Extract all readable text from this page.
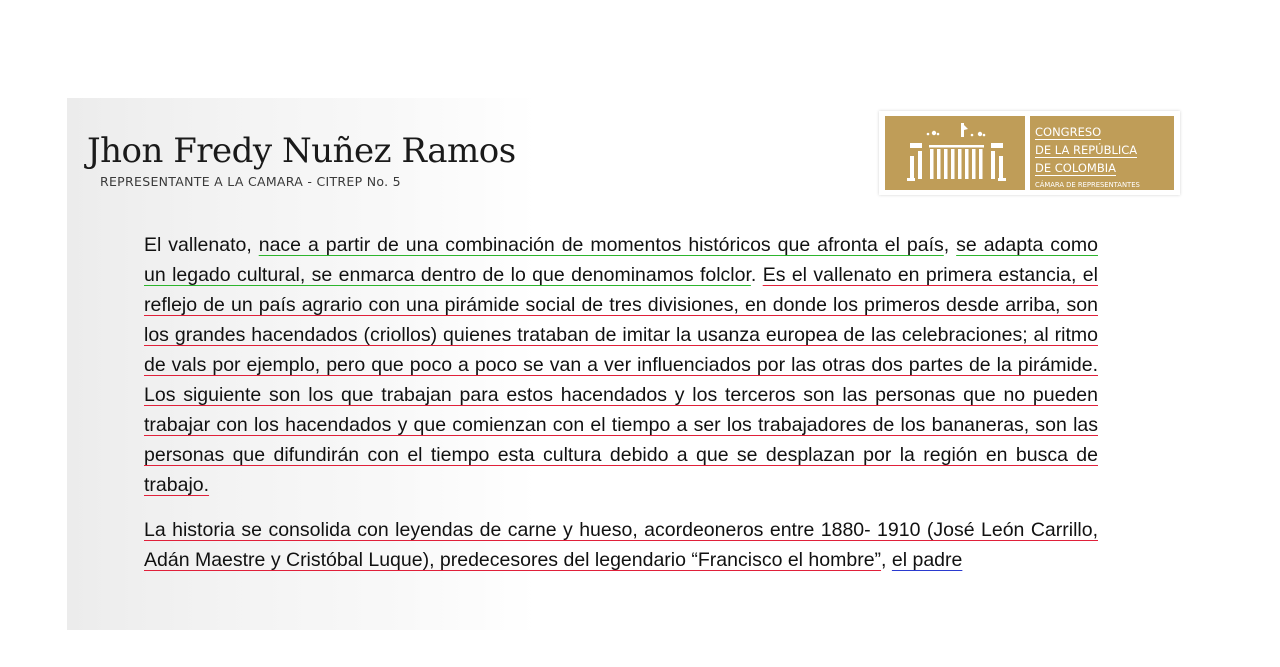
Jhon Fredy Nuñez Ramos
REPRESENTANTE A LA CAMARA - CITREP No. 5
CONGRESO
DE LA REPÚBLICA
DE COLOMBIA
CÁMARA DE REPRESENTANTES

El vallenato, nace a partir de una combinación de momentos históricos que afronta el país, se adapta como un legado cultural, se enmarca dentro de lo que denominamos folclor. Es el vallenato en primera estancia, el reflejo de un país agrario con una pirámide social de tres divisiones, en donde los primeros desde arriba, son los grandes hacendados (criollos) quienes trataban de imitar la usanza europea de las celebraciones; al ritmo de vals por ejemplo, pero que poco a poco se van a ver influenciados por las otras dos partes de la pirámide. Los siguiente son los que trabajan para estos hacendados y los terceros son las personas que no pueden trabajar con los hacendados y que comienzan con el tiempo a ser los trabajadores de los bananeras, son las personas que difundirán con el tiempo esta cultura debido a que se desplazan por la región en busca de trabajo.

La historia se consolida con leyendas de carne y hueso, acordeoneros entre 1880- 1910 (José León Carrillo, Adán Maestre y Cristóbal Luque), predecesores del legendario “Francisco el hombre”, el padre
